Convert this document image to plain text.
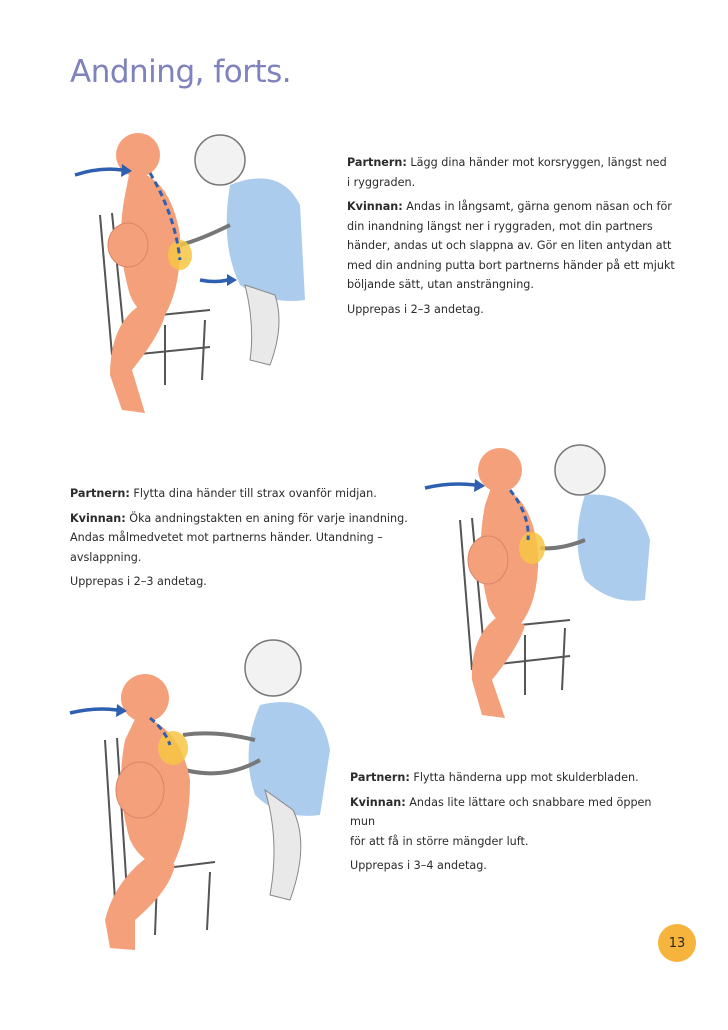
Andning, forts.

Partnern: Lägg dina händer mot korsryggen, längst ned
i ryggraden.

Kvinnan: Andas in långsamt, gärna genom näsan och för
din inandning längst ner i ryggraden, mot din partners
händer, andas ut och slappna av. Gör en liten antydan att
med din andning putta bort partnerns händer på ett mjukt
böljande sätt, utan ansträngning.

Upprepas i 2–3 andetag.

Partnern: Flytta dina händer till strax ovanför midjan.

Kvinnan: Öka andningstakten en aning för varje inandning.
Andas målmedvetet mot partnerns händer. Utandning –
avslappning.

Upprepas i 2–3 andetag.

Partnern: Flytta händerna upp mot skulderbladen.

Kvinnan: Andas lite lättare och snabbare med öppen mun
för att få in större mängder luft.

Upprepas i 3–4 andetag.

13
